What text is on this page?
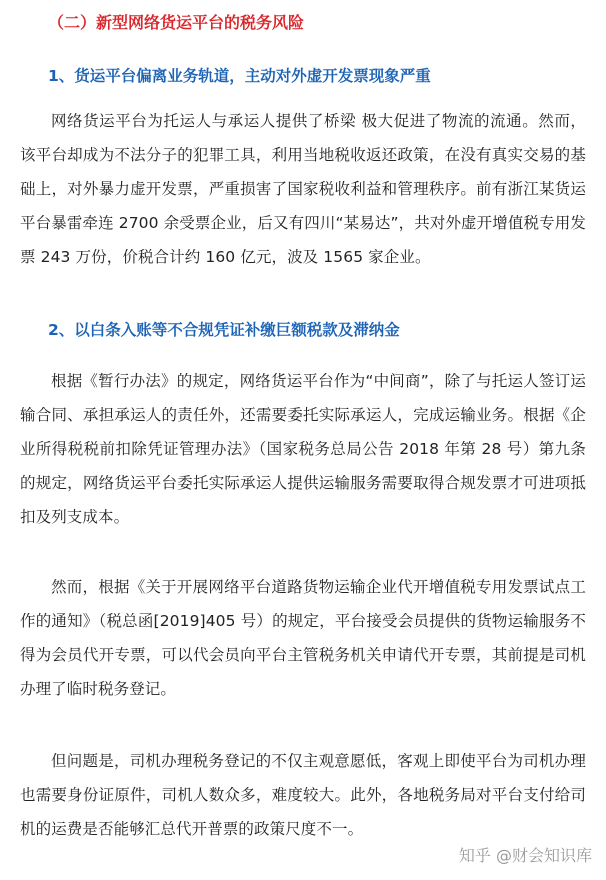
（二）新型网络货运平台的税务风险
1、货运平台偏离业务轨道，主动对外虚开发票现象严重
网络货运平台为托运人与承运人提供了桥梁 极大促进了物流的流通。然而，该平台却成为不法分子的犯罪工具，利用当地税收返还政策，在没有真实交易的基础上，对外暴力虚开发票，严重损害了国家税收利益和管理秩序。前有浙江某货运平台暴雷牵连 2700 余受票企业，后又有四川“某易达”，共对外虚开增值税专用发票 243 万份，价税合计约 160 亿元，波及 1565 家企业。
2、以白条入账等不合规凭证补缴巨额税款及滞纳金
根据《暂行办法》的规定，网络货运平台作为“中间商”，除了与托运人签订运输合同、承担承运人的责任外，还需要委托实际承运人，完成运输业务。根据《企业所得税税前扣除凭证管理办法》（国家税务总局公告 2018 年第 28 号）第九条的规定，网络货运平台委托实际承运人提供运输服务需要取得合规发票才可进项抵扣及列支成本。
然而，根据《关于开展网络平台道路货物运输企业代开增值税专用发票试点工作的通知》（税总函[2019]405 号）的规定，平台接受会员提供的货物运输服务不得为会员代开专票，可以代会员向平台主管税务机关申请代开专票，其前提是司机办理了临时税务登记。
但问题是，司机办理税务登记的不仅主观意愿低，客观上即使平台为司机办理也需要身份证原件，司机人数众多，难度较大。此外，各地税务局对平台支付给司机的运费是否能够汇总代开普票的政策尺度不一。
知乎 @财会知识库
